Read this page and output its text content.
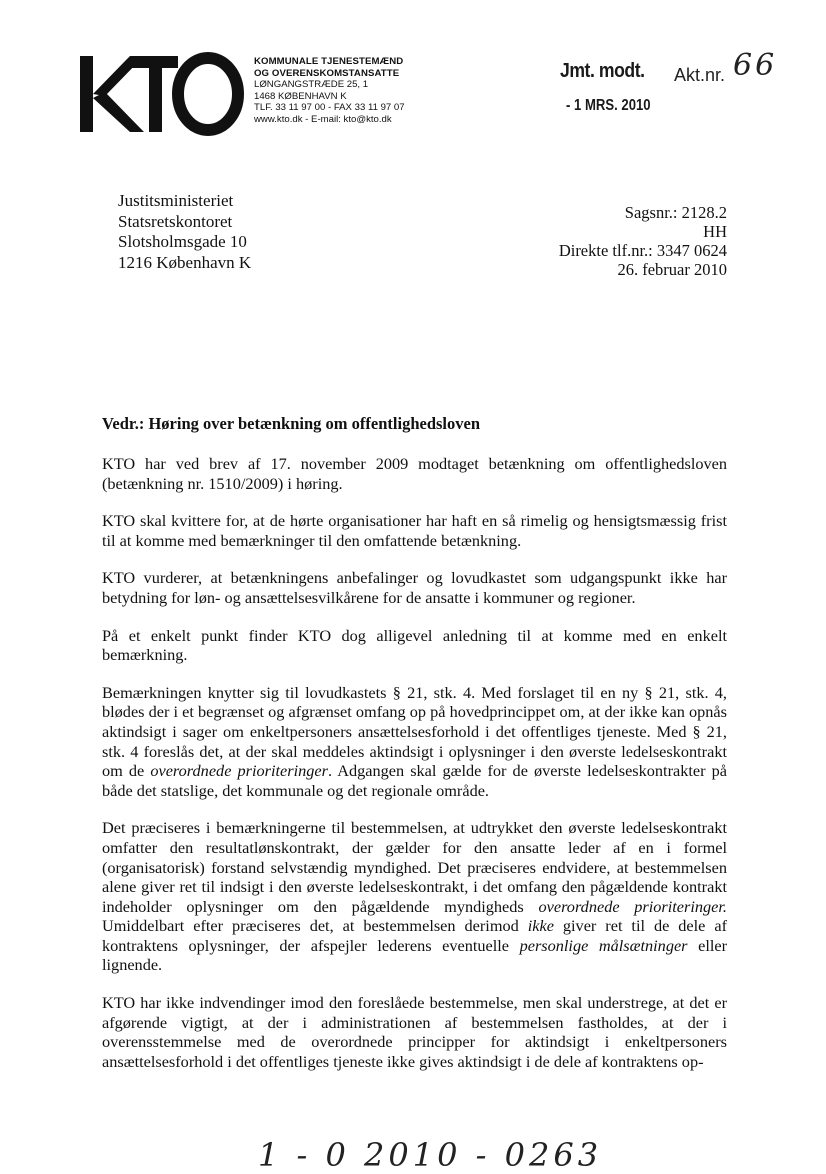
KOMMUNALE TJENESTEMÆND
OG OVERENSKOMSTANSATTE
LØNGANGSTRÆDE 25, 1
1468 KØBENHAVN K
TLF. 33 11 97 00 - FAX 33 11 97 07
www.kto.dk - E-mail: kto@kto.dk
Jmt. modt.
- 1 MRS. 2010
Akt.nr. 66
Justitsministeriet
Statsretskontoret
Slotsholmsgade 10
1216 København K
Sagsnr.: 2128.2
HH
Direkte tlf.nr.: 3347 0624
26. februar 2010
Vedr.: Høring over betænkning om offentlighedsloven

KTO har ved brev af 17. november 2009 modtaget betænkning om offentlighedsloven (betænkning nr. 1510/2009) i høring.

KTO skal kvittere for, at de hørte organisationer har haft en så rimelig og hensigtsmæssig frist til at komme med bemærkninger til den omfattende betænkning.

KTO vurderer, at betænkningens anbefalinger og lovudkastet som udgangspunkt ikke har betydning for løn- og ansættelsesvilkårene for de ansatte i kommuner og regioner.

På et enkelt punkt finder KTO dog alligevel anledning til at komme med en enkelt bemærkning.

Bemærkningen knytter sig til lovudkastets § 21, stk. 4. Med forslaget til en ny § 21, stk. 4, blødes der i et begrænset og afgrænset omfang op på hovedprincippet om, at der ikke kan opnås aktindsigt i sager om enkeltpersoners ansættelsesforhold i det offentliges tjeneste. Med § 21, stk. 4 foreslås det, at der skal meddeles aktindsigt i oplysninger i den øverste ledelseskontrakt om de overordnede prioriteringer. Adgangen skal gælde for de øverste ledelseskontrakter på både det statslige, det kommunale og det regionale område.

Det præciseres i bemærkningerne til bestemmelsen, at udtrykket den øverste ledelseskontrakt omfatter den resultatlønskontrakt, der gælder for den ansatte leder af en i formel (organisatorisk) forstand selvstændig myndighed. Det præciseres endvidere, at bestemmelsen alene giver ret til indsigt i den øverste ledelseskontrakt, i det omfang den pågældende kontrakt indeholder oplysninger om den pågældende myndigheds overordnede prioriteringer. Umiddelbart efter præciseres det, at bestemmelsen derimod ikke giver ret til de dele af kontraktens oplysninger, der afspejler lederens eventuelle personlige målsætninger eller lignende.

KTO har ikke indvendinger imod den foreslåede bestemmelse, men skal understrege, at det er afgørende vigtigt, at der i administrationen af bestemmelsen fastholdes, at der i overensstemmelse med de overordnede principper for aktindsigt i enkeltpersoners ansættelsesforhold i det offentliges tjeneste ikke gives aktindsigt i de dele af kontraktens op-

1 - 0 2010 - 0263
